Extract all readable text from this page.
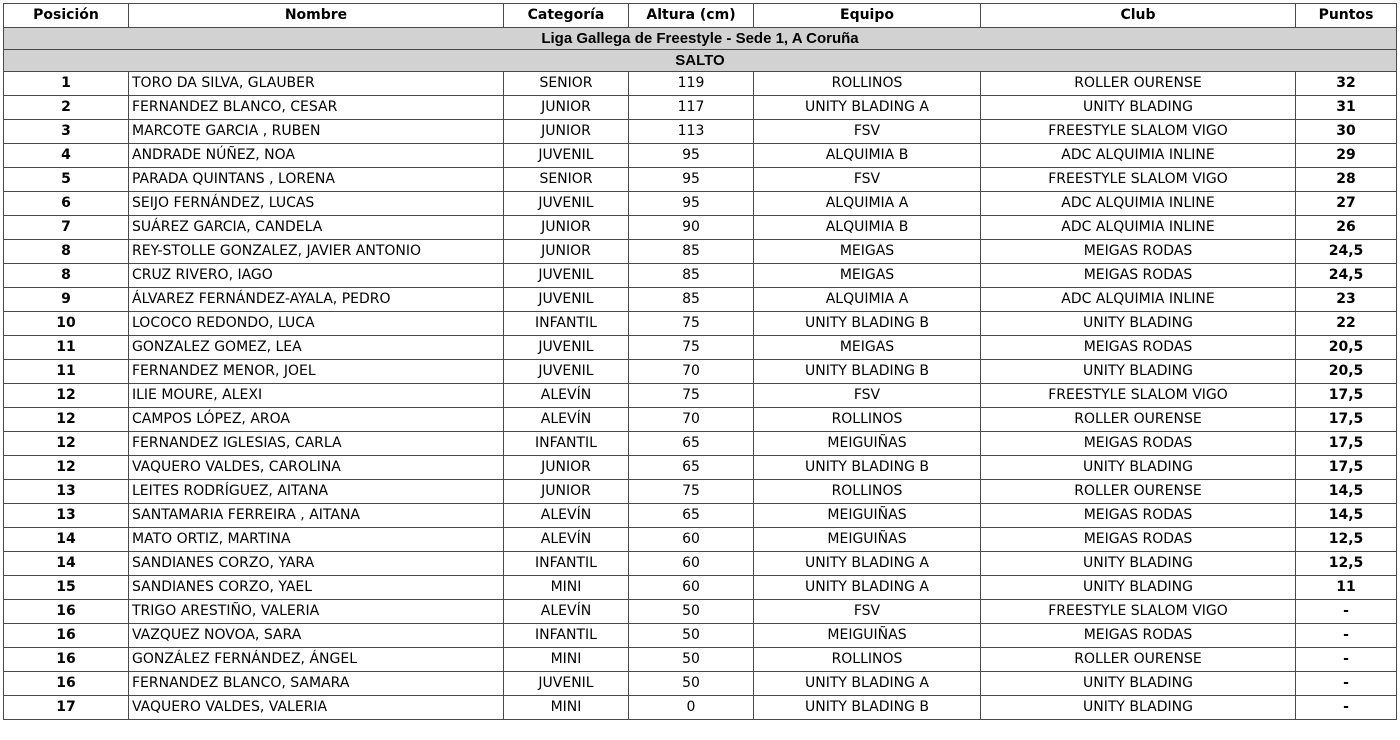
Liga Gallega de Freestyle - Sede 1, A Coruña						
SALTO						
Posición	Nombre	Categoría	Altura (cm)	Equipo	Club	Puntos
1	TORO DA SILVA, GLAUBER	SENIOR	119	ROLLINOS	ROLLER OURENSE	32
2	FERNANDEZ BLANCO, CESAR	JUNIOR	117	UNITY BLADING A	UNITY BLADING	31
3	MARCOTE GARCIA , RUBEN	JUNIOR	113	FSV	FREESTYLE SLALOM VIGO	30
4	ANDRADE NÚÑEZ, NOA	JUVENIL	95	ALQUIMIA B	ADC ALQUIMIA INLINE	29
5	PARADA QUINTANS , LORENA	SENIOR	95	FSV	FREESTYLE SLALOM VIGO	28
6	SEIJO FERNÁNDEZ, LUCAS	JUVENIL	95	ALQUIMIA A	ADC ALQUIMIA INLINE	27
7	SUÁREZ GARCIA, CANDELA	JUNIOR	90	ALQUIMIA B	ADC ALQUIMIA INLINE	26
8	REY-STOLLE GONZALEZ, JAVIER ANTONIO	JUNIOR	85	MEIGAS	MEIGAS RODAS	24,5
8	CRUZ RIVERO, IAGO	JUVENIL	85	MEIGAS	MEIGAS RODAS	24,5
9	ÁLVAREZ FERNÁNDEZ-AYALA, PEDRO	JUVENIL	85	ALQUIMIA A	ADC ALQUIMIA INLINE	23
10	LOCOCO REDONDO, LUCA	INFANTIL	75	UNITY BLADING B	UNITY BLADING	22
11	GONZALEZ GOMEZ, LEA	JUVENIL	75	MEIGAS	MEIGAS RODAS	20,5
11	FERNANDEZ MENOR, JOEL	JUVENIL	70	UNITY BLADING B	UNITY BLADING	20,5
12	ILIE MOURE, ALEXI	ALEVÍN	75	FSV	FREESTYLE SLALOM VIGO	17,5
12	CAMPOS LÓPEZ, AROA	ALEVÍN	70	ROLLINOS	ROLLER OURENSE	17,5
12	FERNANDEZ IGLESIAS, CARLA	INFANTIL	65	MEIGUIÑAS	MEIGAS RODAS	17,5
12	VAQUERO VALDES, CAROLINA	JUNIOR	65	UNITY BLADING B	UNITY BLADING	17,5
13	LEITES RODRÍGUEZ, AITANA	JUNIOR	75	ROLLINOS	ROLLER OURENSE	14,5
13	SANTAMARIA FERREIRA , AITANA	ALEVÍN	65	MEIGUIÑAS	MEIGAS RODAS	14,5
14	MATO ORTIZ, MARTINA	ALEVÍN	60	MEIGUIÑAS	MEIGAS RODAS	12,5
14	SANDIANES CORZO, YARA	INFANTIL	60	UNITY BLADING A	UNITY BLADING	12,5
15	SANDIANES CORZO, YAEL	MINI	60	UNITY BLADING A	UNITY BLADING	11
16	TRIGO ARESTIÑO, VALERIA	ALEVÍN	50	FSV	FREESTYLE SLALOM VIGO	-
16	VAZQUEZ NOVOA, SARA	INFANTIL	50	MEIGUIÑAS	MEIGAS RODAS	-
16	GONZÁLEZ FERNÁNDEZ, ÁNGEL	MINI	50	ROLLINOS	ROLLER OURENSE	-
16	FERNANDEZ BLANCO, SAMARA	JUVENIL	50	UNITY BLADING A	UNITY BLADING	-
17	VAQUERO VALDES, VALERIA	MINI	0	UNITY BLADING B	UNITY BLADING	-
